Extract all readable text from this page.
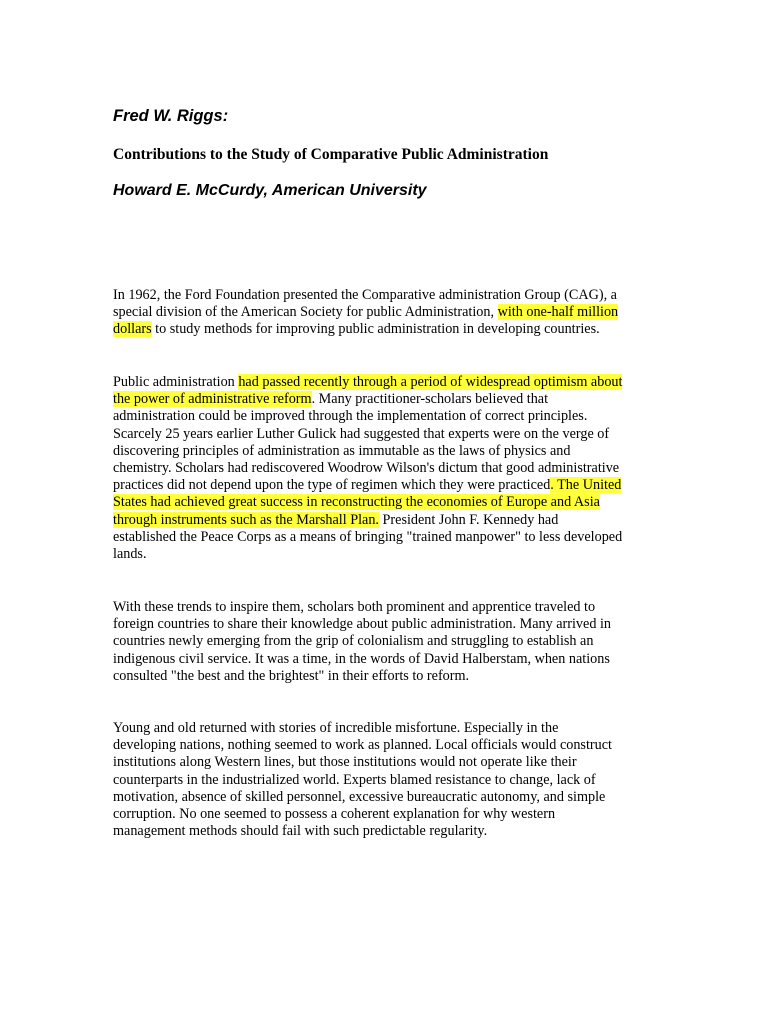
Fred W. Riggs:
Contributions to the Study of Comparative Public Administration
Howard E. McCurdy, American University
In 1962, the Ford Foundation presented the Comparative administration Group (CAG), a
special division of the American Society for public Administration, with one-half million
dollars to study methods for improving public administration in developing countries.
Public administration had passed recently through a period of widespread optimism about
the power of administrative reform. Many practitioner-scholars believed that
administration could be improved through the implementation of correct principles.
Scarcely 25 years earlier Luther Gulick had suggested that experts were on the verge of
discovering principles of administration as immutable as the laws of physics and
chemistry. Scholars had rediscovered Woodrow Wilson's dictum that good administrative
practices did not depend upon the type of regimen which they were practiced. The United
States had achieved great success in reconstructing the economies of Europe and Asia
through instruments such as the Marshall Plan. President John F. Kennedy had
established the Peace Corps as a means of bringing "trained manpower" to less developed
lands.
With these trends to inspire them, scholars both prominent and apprentice traveled to
foreign countries to share their knowledge about public administration. Many arrived in
countries newly emerging from the grip of colonialism and struggling to establish an
indigenous civil service. It was a time, in the words of David Halberstam, when nations
consulted "the best and the brightest" in their efforts to reform.
Young and old returned with stories of incredible misfortune. Especially in the
developing nations, nothing seemed to work as planned. Local officials would construct
institutions along Western lines, but those institutions would not operate like their
counterparts in the industrialized world. Experts blamed resistance to change, lack of
motivation, absence of skilled personnel, excessive bureaucratic autonomy, and simple
corruption. No one seemed to possess a coherent explanation for why western
management methods should fail with such predictable regularity.
